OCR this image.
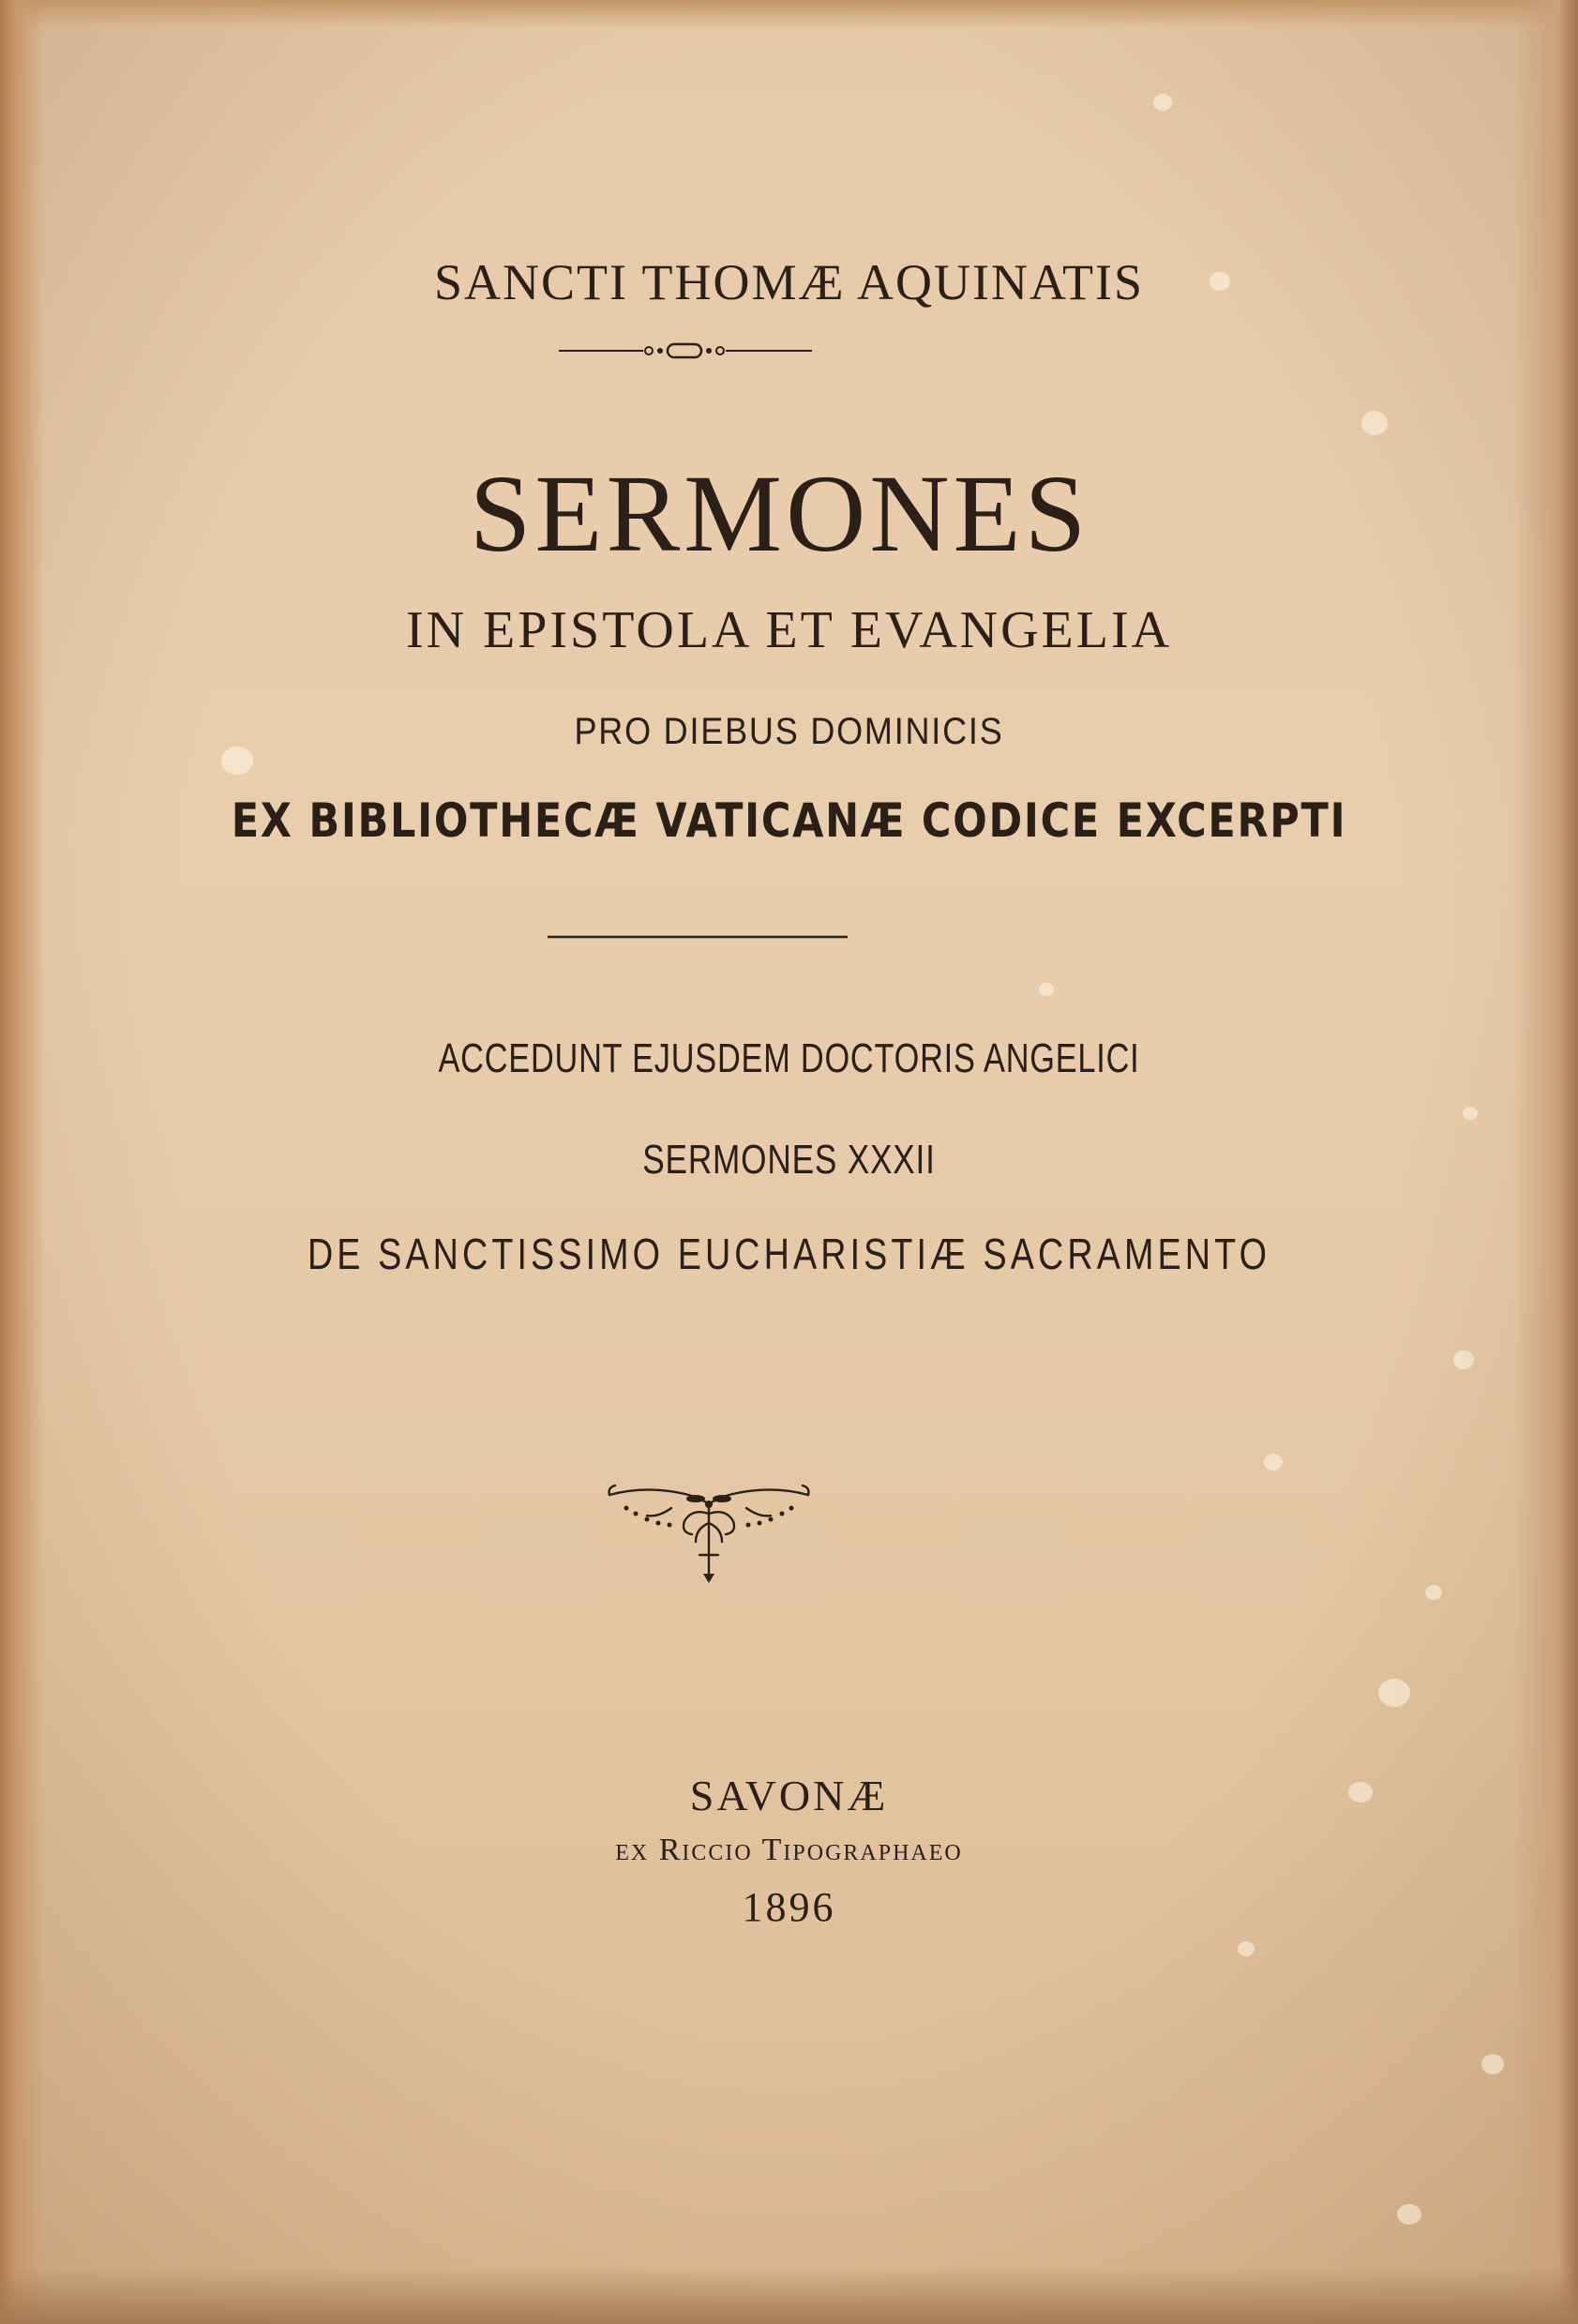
SANCTI THOMÆ AQUINATIS
SERMONES
IN EPISTOLA ET EVANGELIA
PRO DIEBUS DOMINICIS
EX BIBLIOTHECÆ VATICANÆ CODICE EXCERPTI
ACCEDUNT EJUSDEM DOCTORIS ANGELICI
SERMONES XXXII
DE SANCTISSIMO EUCHARISTIÆ SACRAMENTO
SAVONÆ
ex Riccio Tipographaeo
1896
